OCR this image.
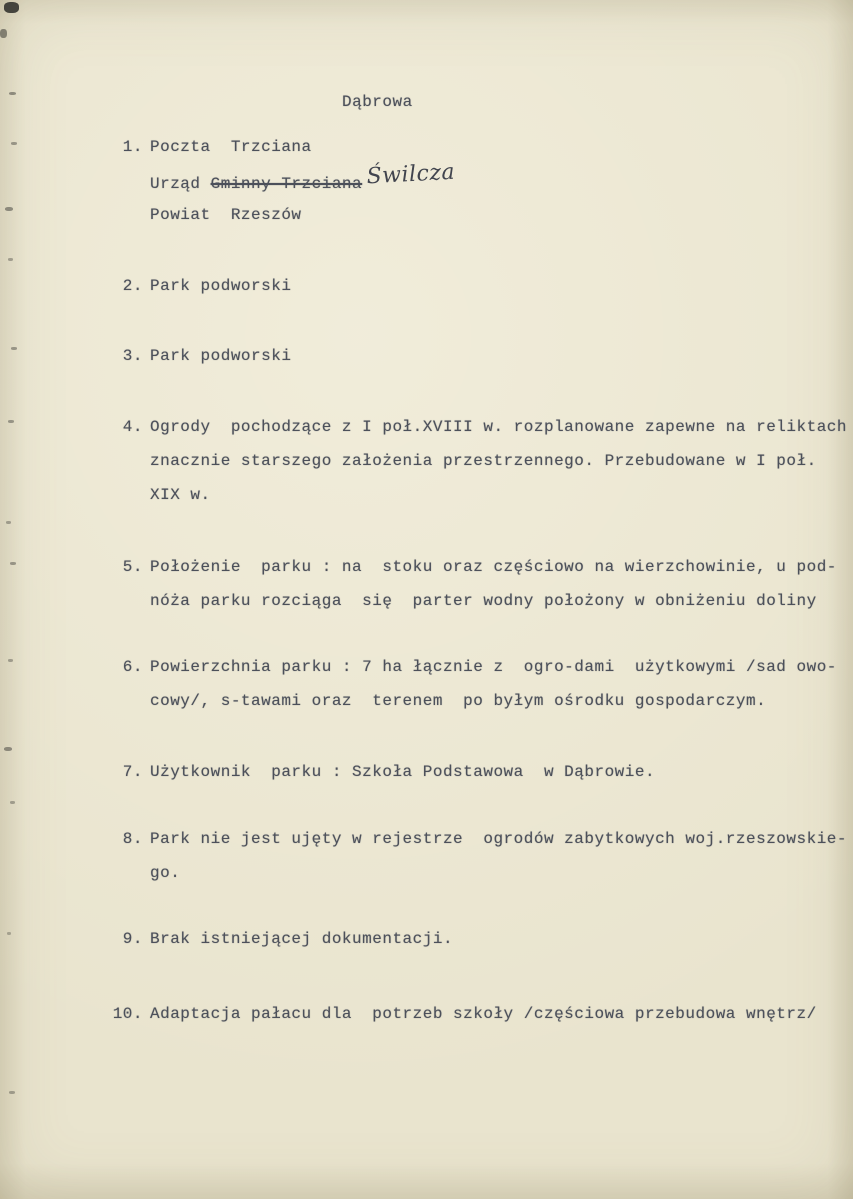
Dąbrowa
1. Poczta  Trzciana
Urząd Gminny Trzciana Świlcza
Powiat  Rzeszów
2. Park podworski
3. Park podworski
4. Ogrody  pochodzące z I poł.XVIII w. rozplanowane zapewne na reliktach
znacznie starszego założenia przestrzennego. Przebudowane w I poł.
XIX w.
5. Położenie  parku : na  stoku oraz częściowo na wierzchowinie, u pod-
nóża parku rozciąga  się  parter wodny położony w obniżeniu doliny
6. Powierzchnia parku : 7 ha łącznie z  ogro-dami  użytkowymi /sad owo-
cowy/, s-tawami oraz  terenem  po byłym ośrodku gospodarczym.
7. Użytkownik  parku : Szkoła Podstawowa  w Dąbrowie.
8. Park nie jest ujęty w rejestrze  ogrodów zabytkowych woj.rzeszowskie-
go.
9. Brak istniejącej dokumentacji.
10. Adaptacja pałacu dla  potrzeb szkoły /częściowa przebudowa wnętrz/
